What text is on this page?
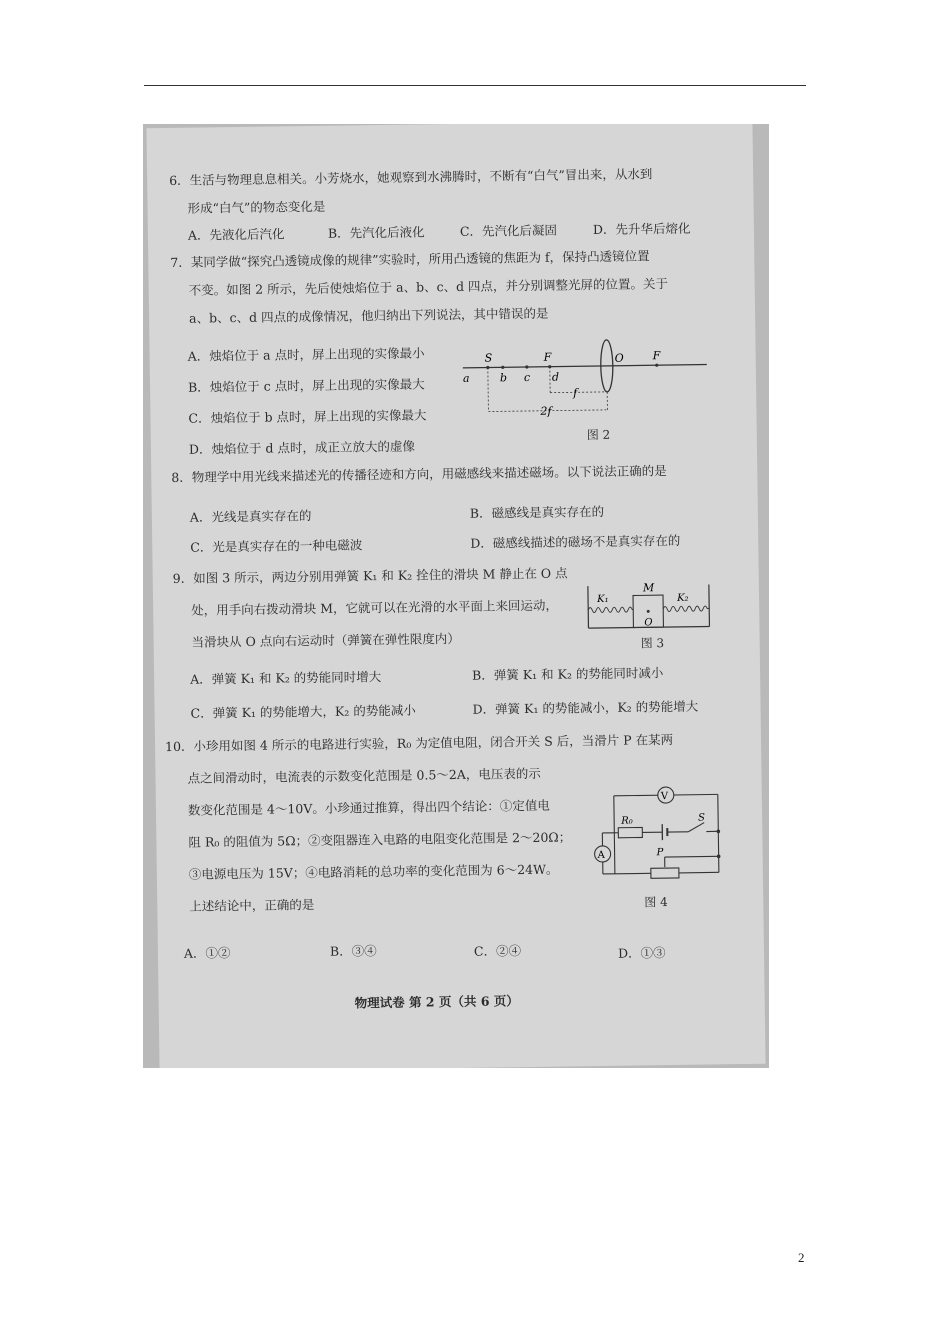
6．生活与物理息息相关。小芳烧水，她观察到水沸腾时，不断有“白气”冒出来，从水到
形成“白气”的物态变化是
A．先液化后汽化	B．先汽化后液化	C．先汽化后凝固	D．先升华后熔化
7．某同学做“探究凸透镜成像的规律”实验时，所用凸透镜的焦距为 f，保持凸透镜位置
不变。如图 2 所示，先后使烛焰位于 a、b、c、d 四点，并分别调整光屏的位置。关于
a、b、c、d 四点的成像情况，他归纳出下列说法，其中错误的是
A．烛焰位于 a 点时，屏上出现的实像最小
B．烛焰位于 c 点时，屏上出现的实像最大
C．烛焰位于 b 点时，屏上出现的实像最大
D．烛焰位于 d 点时，成正立放大的虚像
a
S
b c
F
d
O	F
f
2f
图 2
8．物理学中用光线来描述光的传播径迹和方向，用磁感线来描述磁场。以下说法正确的是
A．光线是真实存在的	B．磁感线是真实存在的
C．光是真实存在的一种电磁波	D．磁感线描述的磁场不是真实存在的
9．如图 3 所示，两边分别用弹簧 K₁ 和 K₂ 拴住的滑块 M 静止在 O 点
处，用手向右拨动滑块 M，它就可以在光滑的水平面上来回运动，
当滑块从 O 点向右运动时（弹簧在弹性限度内）
M
K₁	K₂
O
图 3
A．弹簧 K₁ 和 K₂ 的势能同时增大	B．弹簧 K₁ 和 K₂ 的势能同时减小
C．弹簧 K₁ 的势能增大，K₂ 的势能减小	D．弹簧 K₁ 的势能减小，K₂ 的势能增大
10．小珍用如图 4 所示的电路进行实验，R₀ 为定值电阻，闭合开关 S 后，当滑片 P 在某两
点之间滑动时，电流表的示数变化范围是 0.5～2A，电压表的示
数变化范围是 4～10V。小珍通过推算，得出四个结论：①定值电
阻 R₀ 的阻值为 5Ω；②变阻器连入电路的电阻变化范围是 2～20Ω；
③电源电压为 15V；④电路消耗的总功率的变化范围为 6～24W。
上述结论中，正确的是
V
R₀	S
A	P
图 4
A．①②	B．③④	C．②④	D．①③
物理试卷 第 2 页（共 6 页）
2
